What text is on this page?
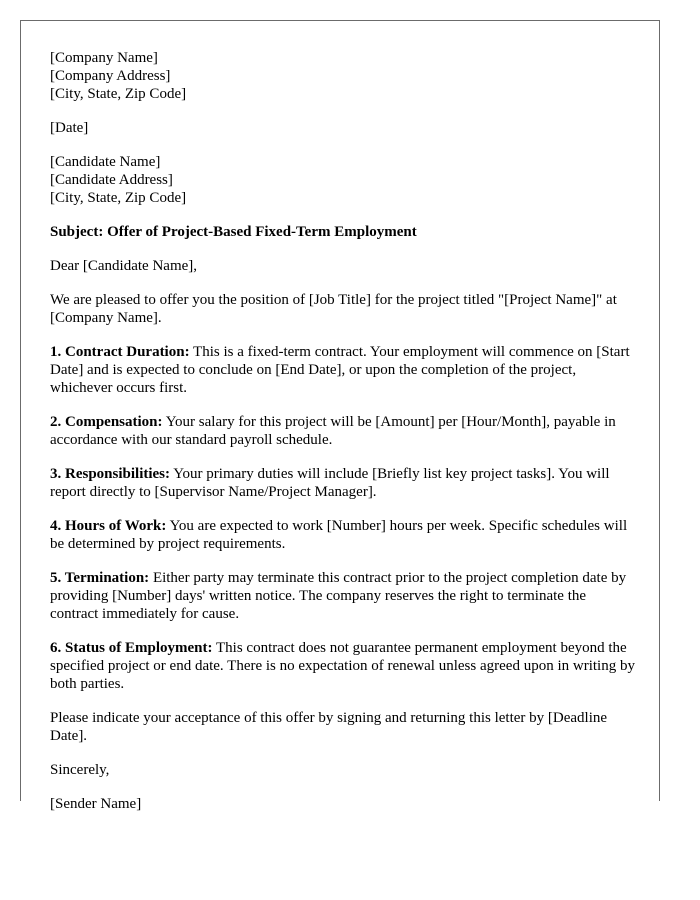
[Company Name]
[Company Address]
[City, State, Zip Code]

[Date]

[Candidate Name]
[Candidate Address]
[City, State, Zip Code]

Subject: Offer of Project-Based Fixed-Term Employment

Dear [Candidate Name],

We are pleased to offer you the position of [Job Title] for the project titled "[Project Name]" at [Company Name].

1. Contract Duration: This is a fixed-term contract. Your employment will commence on [Start Date] and is expected to conclude on [End Date], or upon the completion of the project, whichever occurs first.

2. Compensation: Your salary for this project will be [Amount] per [Hour/Month], payable in accordance with our standard payroll schedule.

3. Responsibilities: Your primary duties will include [Briefly list key project tasks]. You will report directly to [Supervisor Name/Project Manager].

4. Hours of Work: You are expected to work [Number] hours per week. Specific schedules will be determined by project requirements.

5. Termination: Either party may terminate this contract prior to the project completion date by providing [Number] days' written notice. The company reserves the right to terminate the contract immediately for cause.

6. Status of Employment: This contract does not guarantee permanent employment beyond the specified project or end date. There is no expectation of renewal unless agreed upon in writing by both parties.

Please indicate your acceptance of this offer by signing and returning this letter by [Deadline Date].

Sincerely,

[Sender Name]
